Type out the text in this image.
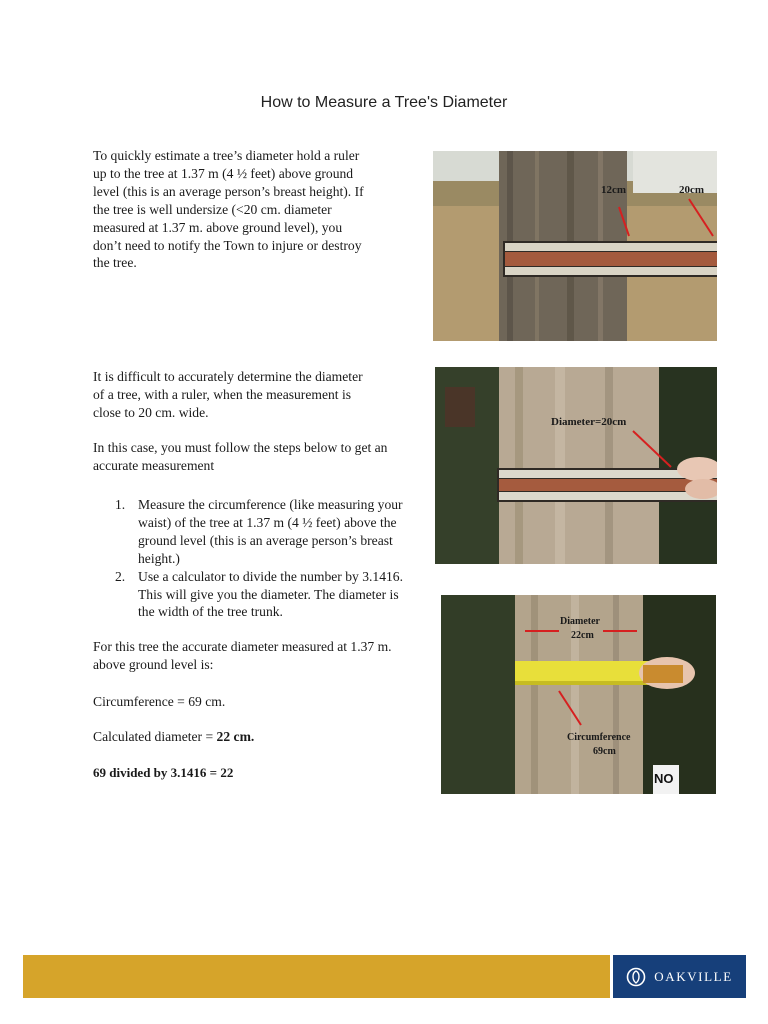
How to Measure a Tree's Diameter

To quickly estimate a tree’s diameter hold a ruler up to the tree at 1.37 m (4 ½ feet) above ground level (this is an average person’s breast height). If the tree is well undersize (<20 cm. diameter measured at 1.37 m. above ground level), you don’t need to notify the Town to injure or destroy the tree.

It is difficult to accurately determine the diameter of a tree, with a ruler, when the measurement is close to 20 cm. wide.

In this case, you must follow the steps below to get an accurate measurement

1. Measure the circumference (like measuring your waist) of the tree at 1.37 m (4 ½ feet) above the ground level (this is an average person’s breast height.)
2. Use a calculator to divide the number by 3.1416. This will give you the diameter. The diameter is the width of the tree trunk.

For this tree the accurate diameter measured at 1.37 m. above ground level is:

Circumference = 69 cm.

Calculated diameter = 22 cm.

69 divided by 3.1416 = 22

12cm	20cm
Diameter=20cm
Diameter
22cm
Circumference
69cm
NO
OAKVILLE
